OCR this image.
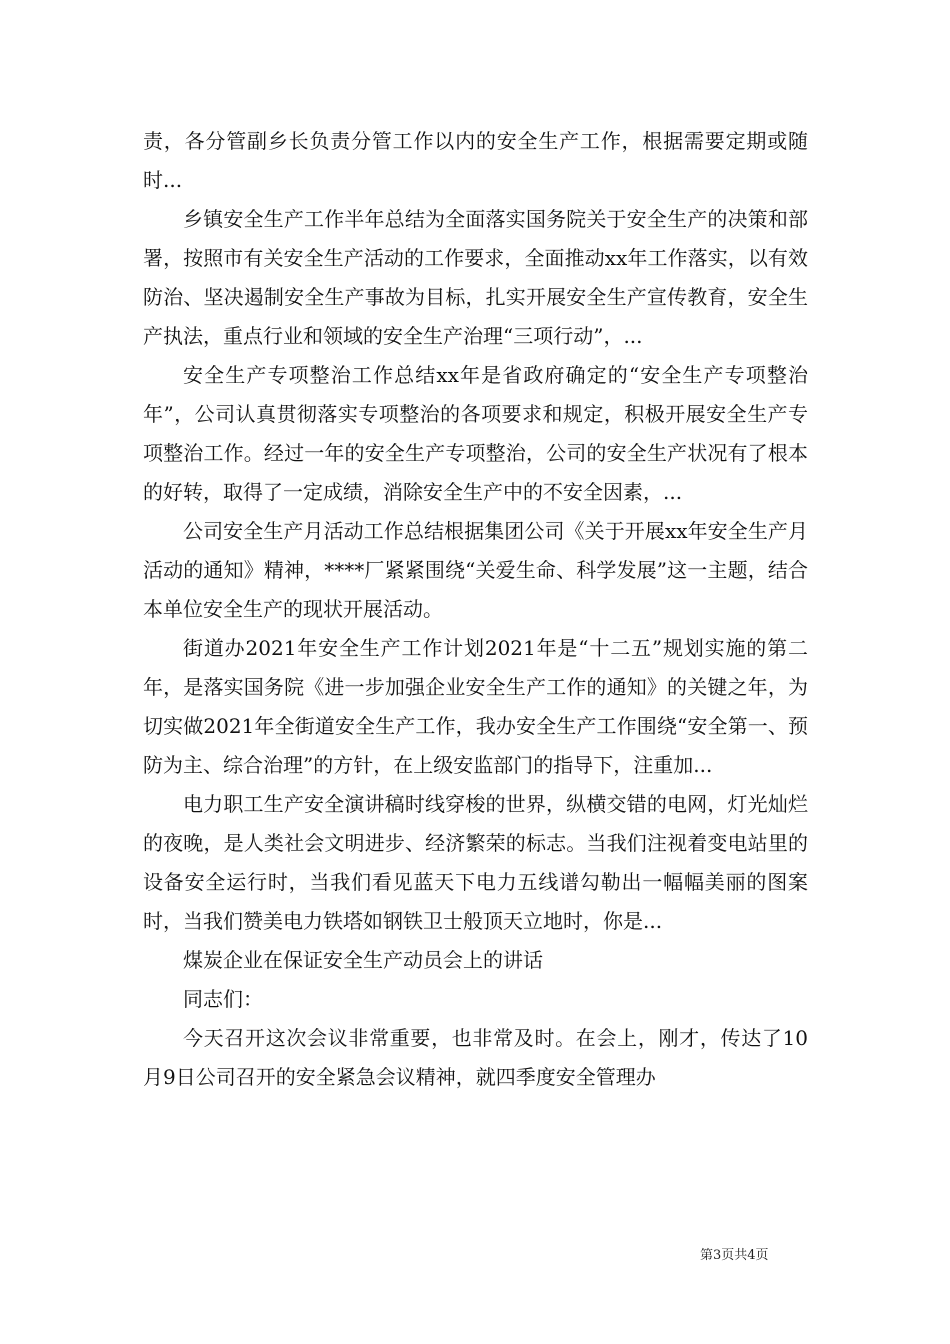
责，各分管副乡长负责分管工作以内的安全生产工作，根据需要定期或随时...

乡镇安全生产工作半年总结为全面落实国务院关于安全生产的决策和部署，按照市有关安全生产活动的工作要求，全面推动xx年工作落实，以有效防治、坚决遏制安全生产事故为目标，扎实开展安全生产宣传教育，安全生产执法，重点行业和领域的安全生产治理“三项行动”，...

安全生产专项整治工作总结xx年是省政府确定的“安全生产专项整治年”，公司认真贯彻落实专项整治的各项要求和规定，积极开展安全生产专项整治工作。经过一年的安全生产专项整治，公司的安全生产状况有了根本的好转，取得了一定成绩，消除安全生产中的不安全因素，...

公司安全生产月活动工作总结根据集团公司《关于开展xx年安全生产月活动的通知》精神，****厂紧紧围绕“关爱生命、科学发展”这一主题，结合本单位安全生产的现状开展活动。

街道办2021年安全生产工作计划2021年是“十二五”规划实施的第二年，是落实国务院《进一步加强企业安全生产工作的通知》的关键之年，为切实做2021年全街道安全生产工作，我办安全生产工作围绕“安全第一、预防为主、综合治理”的方针，在上级安监部门的指导下，注重加...

电力职工生产安全演讲稿时线穿梭的世界，纵横交错的电网，灯光灿烂的夜晚，是人类社会文明进步、经济繁荣的标志。当我们注视着变电站里的设备安全运行时，当我们看见蓝天下电力五线谱勾勒出一幅幅美丽的图案时，当我们赞美电力铁塔如钢铁卫士般顶天立地时，你是...

煤炭企业在保证安全生产动员会上的讲话

同志们：

今天召开这次会议非常重要，也非常及时。在会上，刚才，传达了10月9日公司召开的安全紧急会议精神，就四季度安全管理办

第3页共4页
